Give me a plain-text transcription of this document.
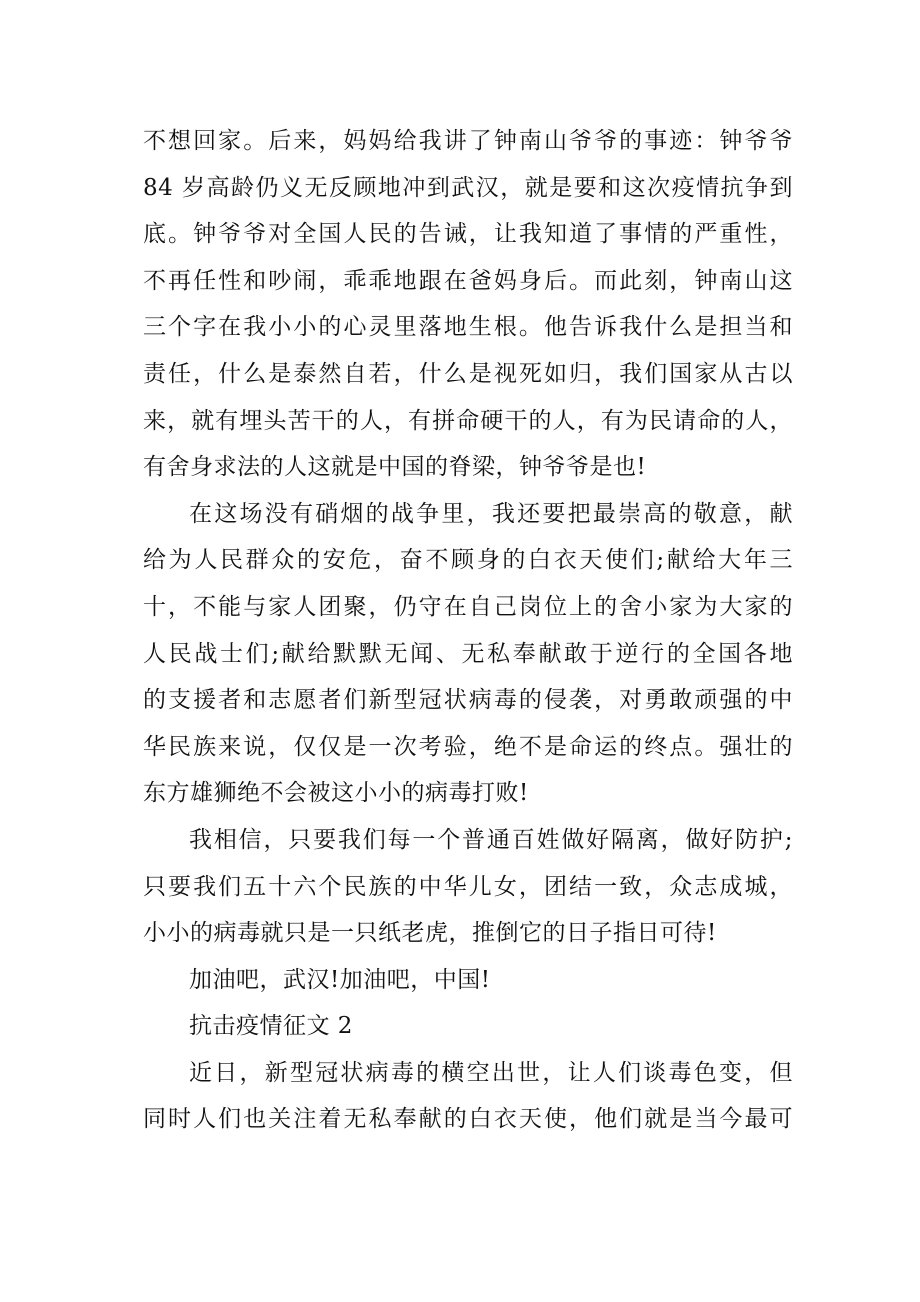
不想回家。后来，妈妈给我讲了钟南山爷爷的事迹：钟爷爷
84 岁高龄仍义无反顾地冲到武汉，就是要和这次疫情抗争到
底。钟爷爷对全国人民的告诫，让我知道了事情的严重性，
不再任性和吵闹，乖乖地跟在爸妈身后。而此刻，钟南山这
三个字在我小小的心灵里落地生根。他告诉我什么是担当和
责任，什么是泰然自若，什么是视死如归，我们国家从古以
来，就有埋头苦干的人，有拼命硬干的人，有为民请命的人，
有舍身求法的人这就是中国的脊梁，钟爷爷是也!
在这场没有硝烟的战争里，我还要把最崇高的敬意，献
给为人民群众的安危，奋不顾身的白衣天使们;献给大年三
十，不能与家人团聚，仍守在自己岗位上的舍小家为大家的
人民战士们;献给默默无闻、无私奉献敢于逆行的全国各地
的支援者和志愿者们新型冠状病毒的侵袭，对勇敢顽强的中
华民族来说，仅仅是一次考验，绝不是命运的终点。强壮的
东方雄狮绝不会被这小小的病毒打败!
我相信，只要我们每一个普通百姓做好隔离，做好防护;
只要我们五十六个民族的中华儿女，团结一致，众志成城，
小小的病毒就只是一只纸老虎，推倒它的日子指日可待!
加油吧，武汉!加油吧，中国!
抗击疫情征文 2
近日，新型冠状病毒的横空出世，让人们谈毒色变，但
同时人们也关注着无私奉献的白衣天使，他们就是当今最可
